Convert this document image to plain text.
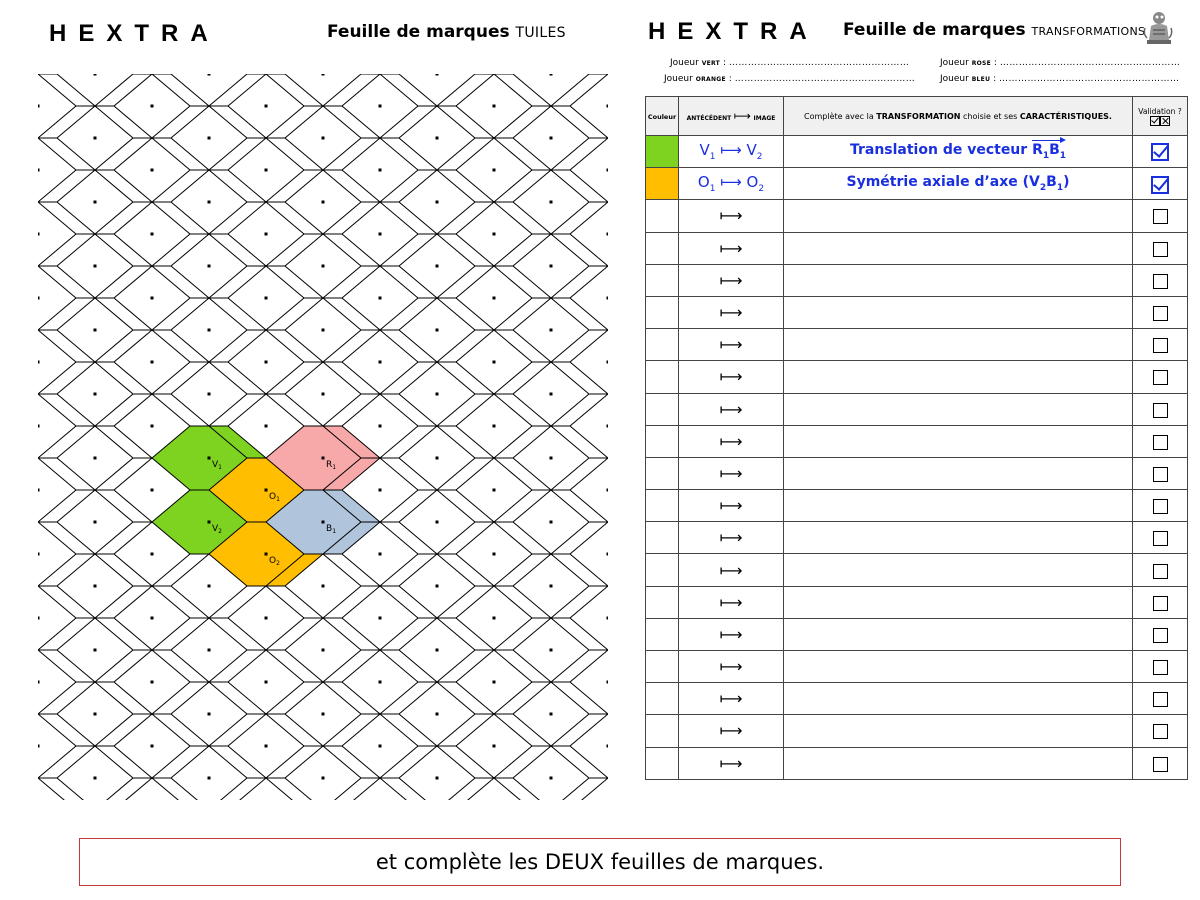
HEXTRA	Feuille de marques TUILES
$V_1$
$V_2$
$O_1$
$O_2$
$R_1$
$B_1$
HEXTRA Feuille de marques TRANSFORMATIONS
Joueur VERT : …………………………………………………	Joueur ROSE : …………………………………………………
Joueur ORANGE : …………………………………………………	Joueur BLEU : …………………………………………………
Couleur	ANTÉCÉDENT ⟼ IMAGE	Complète avec la TRANSFORMATION choisie et ses CARACTÉRISTIQUES.	Validation ?

	$V_1$ ⟼ $V_2$	Translation de vecteur $R_1B_1$	
	$O_1$ ⟼ $O_2$	Symétrie axiale d’axe $(V_2B_1)$	
	⟼		
	⟼		
	⟼		
	⟼		
	⟼		
	⟼		
	⟼		
	⟼		
	⟼		
	⟼		
	⟼		
	⟼		
	⟼		
	⟼		
	⟼		
	⟼		
	⟼		
	⟼		
et complète les DEUX feuilles de marques.
